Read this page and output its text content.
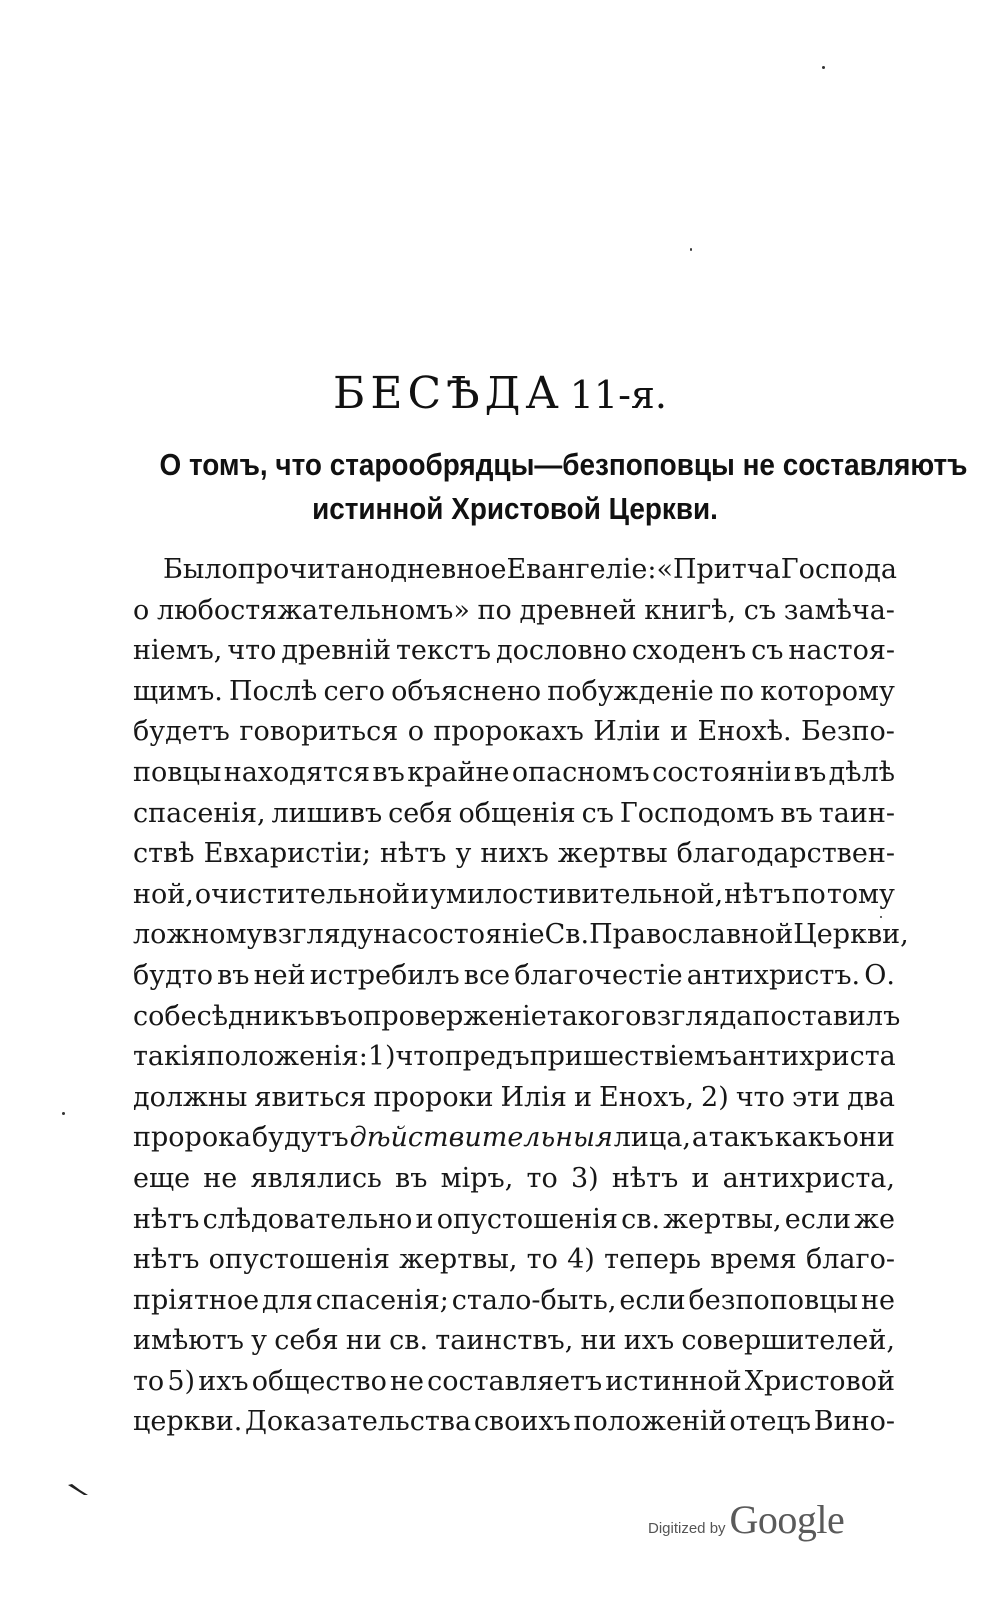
БЕСѢДА 11-я.
О томъ, что старообрядцы—безпоповцы не составляютъ
истинной Христовой Церкви.
Было прочитано дневное Евангеліе: «Притча Господа
о любостяжательномъ» по древней книгѣ, съ замѣча-
ніемъ, что древній текстъ дословно сходенъ съ настоя-
щимъ. Послѣ сего объяснено побужденіе по которому
будетъ говориться о пророкахъ Иліи и Енохѣ. Безпо-
повцы находятся въ крайне опасномъ состояніи въ дѣлѣ
спасенія, лишивъ себя общенія съ Господомъ въ таин-
ствѣ Евхаристіи; нѣтъ у нихъ жертвы благодарствен-
ной, очистительной и умилостивительной, нѣтъ по тому
ложному взгляду на состояніе Св. Православной Церкви,
будто въ ней истребилъ все благочестіе антихристъ. О.
собесѣдникъ въ опроверженіе такого взгляда поставилъ
такія положенія: 1) что предъ пришествіемъ антихриста
должны явиться пророки Илія и Енохъ, 2) что эти два
пророка будутъ дѣйствительныя лица, а такъ какъ они
еще не являлись въ міръ, то 3) нѣтъ и антихриста,
нѣтъ слѣдовательно и опустошенія св. жертвы, если же
нѣтъ опустошенія жертвы, то 4) теперь время благо-
пріятное для спасенія; стало-быть, если безпоповцы не
имѣютъ у себя ни св. таинствъ, ни ихъ совершителей,
то 5) ихъ общество не составляетъ истинной Христовой
церкви. Доказательства своихъ положеній отецъ Вино-
Digitized by Google
